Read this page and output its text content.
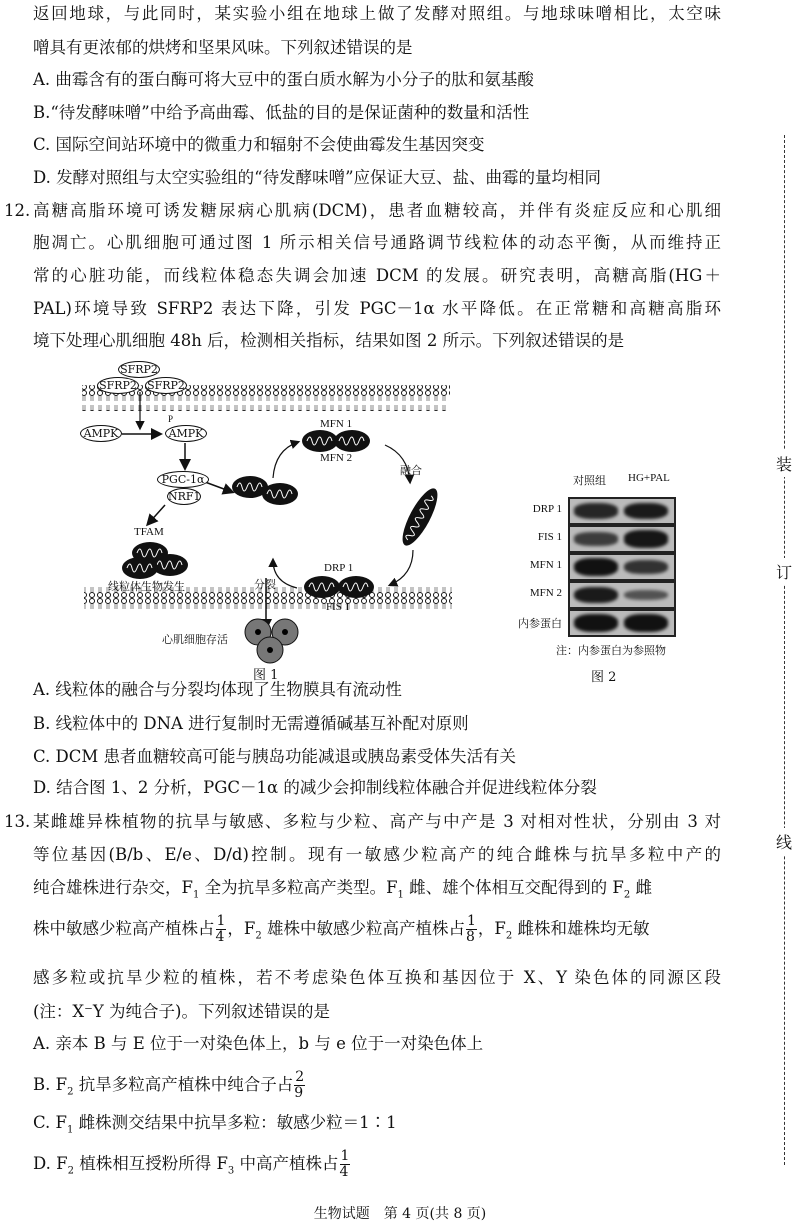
返回地球，与此同时，某实验小组在地球上做了发酵对照组。与地球味噌相比，太空味
噌具有更浓郁的烘烤和坚果风味。下列叙述错误的是
A. 曲霉含有的蛋白酶可将大豆中的蛋白质水解为小分子的肽和氨基酸
B.“待发酵味噌”中给予高曲霉、低盐的目的是保证菌种的数量和活性
C. 国际空间站环境中的微重力和辐射不会使曲霉发生基因突变
D. 发酵对照组与太空实验组的“待发酵味噌”应保证大豆、盐、曲霉的量均相同
12. 高糖高脂环境可诱发糖尿病心肌病(DCM)，患者血糖较高，并伴有炎症反应和心肌细
胞凋亡。心肌细胞可通过图 1 所示相关信号通路调节线粒体的动态平衡，从而维持正
常的心脏功能，而线粒体稳态失调会加速 DCM 的发展。研究表明，高糖高脂(HG＋
PAL)环境导致 SFRP2 表达下降，引发 PGC－1α 水平降低。在正常糖和高糖高脂环
境下处理心肌细胞 48h 后，检测相关指标，结果如图 2 所示。下列叙述错误的是
SFRP2
SFRP2 SFRP2
AMPK	AMPK
P
PGC-1α
NRF1
TFAM
线粒体生物发生
MFN 1
MFN 2
融合
DRP 1
FIS 1
分裂
心肌细胞存活
图 1
对照组 HG+PAL
DRP 1
FIS 1
MFN 1
MFN 2
内参蛋白
注：内参蛋白为参照物
图 2
A. 线粒体的融合与分裂均体现了生物膜具有流动性
B. 线粒体中的 DNA 进行复制时无需遵循碱基互补配对原则
C. DCM 患者血糖较高可能与胰岛功能减退或胰岛素受体失活有关
D. 结合图 1、2 分析，PGC－1α 的减少会抑制线粒体融合并促进线粒体分裂
13. 某雌雄异株植物的抗旱与敏感、多粒与少粒、高产与中产是 3 对相对性状，分别由 3 对
等位基因(B/b、E/e、D/d)控制。现有一敏感少粒高产的纯合雌株与抗旱多粒中产的
纯合雄株进行杂交，$F_1$ 全为抗旱多粒高产类型。$F_1$ 雌、雄个体相互交配得到的 $F_2$ 雌
株中敏感少粒高产植株占 $\frac{1}{4}$ ，$F_2$ 雄株中敏感少粒高产植株占 $\frac{1}{8}$ ，$F_2$ 雌株和雄株均无敏
感多粒或抗旱少粒的植株，若不考虑染色体互换和基因位于 X、Y 染色体的同源区段
(注：X⁻Y 为纯合子)。下列叙述错误的是
A. 亲本 B 与 E 位于一对染色体上，b 与 e 位于一对染色体上
B. $F_2$ 抗旱多粒高产植株中纯合子占 $\frac{2}{9}$
C. $F_1$ 雌株测交结果中抗旱多粒：敏感少粒＝1∶1
D. $F_2$ 植株相互授粉所得 $F_3$ 中高产植株占 $\frac{1}{4}$
装
订
线
生物试题　第 4 页(共 8 页)
